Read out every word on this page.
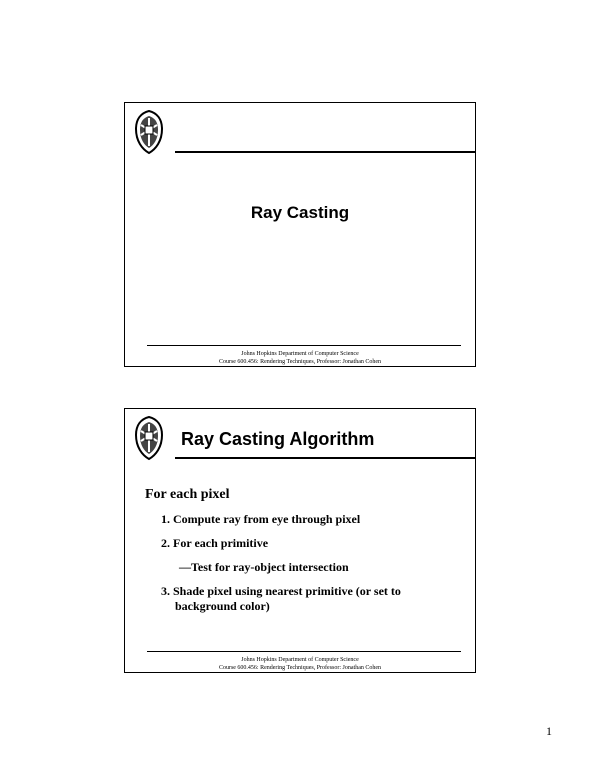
Ray Casting
Johns Hopkins Department of Computer Science
Course 600.456: Rendering Techniques, Professor: Jonathan Cohen
Ray Casting Algorithm
For each pixel
1. Compute ray from eye through pixel
2. For each primitive
—Test for ray-object intersection
3. Shade pixel using nearest primitive (or set to background color)
Johns Hopkins Department of Computer Science
Course 600.456: Rendering Techniques, Professor: Jonathan Cohen
1
